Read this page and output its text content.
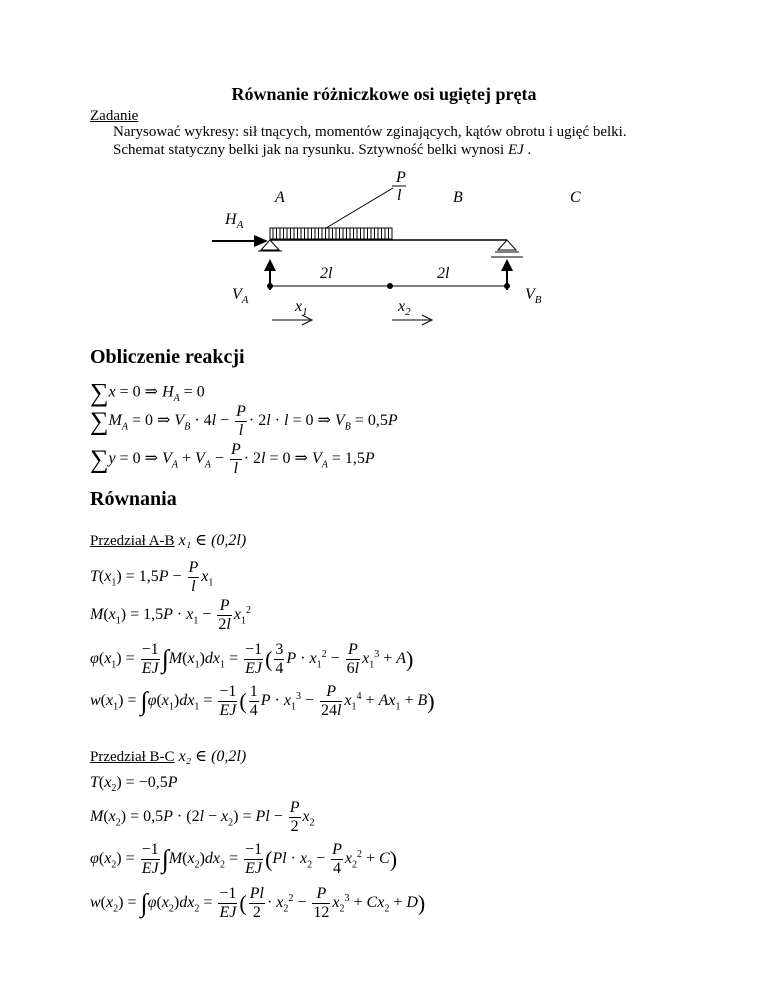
Równanie różniczkowe osi ugiętej pręta
Zadanie
Narysować wykresy: sił tnących, momentów zginających, kątów obrotu i ugięć belki.
Schemat statyczny belki jak na rysunku. Sztywność belki wynosi EJ .
P
l
A	B	C
$H_A$
2l	2l
$V_A$	$V_B$
$x_1$	$x_2$
Obliczenie reakcji
∑x = 0 ⇒ $H_A = 0$
$\sum M_A = 0$ ⇒ $V_B \cdot 4l - \frac{P}{l} \cdot 2l \cdot l = 0$ ⇒ $V_B = 0,5P$
∑y = 0 ⇒ $V_A + V_A - \frac{P}{l} \cdot 2l = 0$ ⇒ $V_A = 1,5P$
Równania
Przedział A-B x₁ ∈ (0,2l)
$T(x_1) = 1,5P - \frac{P}{l} x_1$
$M(x_1) = 1,5P \cdot x_1 - \frac{P}{2l} x_1^2$
$\varphi(x_1) = \frac{-1}{EJ} \int M(x_1)dx_1 = \frac{-1}{EJ}$ ( $\frac{3}{4}$ $P \cdot x_1^2 - \frac{P}{6l} x_1^3 + A$)
$w(x_1) = \int\varphi(x_1)dx_1 = \frac{-1}{EJ}$ ( $\frac{1}{4}$ $P \cdot x_1^3 - \frac{P}{24l} x_1^4 + Ax_1 + B$)
Przedział B-C x₂ ∈ (0,2l)
$T(x_2) = -0,5P$
$M(x_2) = 0,5P \cdot (2l - x_2) = Pl - \frac{P}{2} x_2$
$\varphi(x_2) = \frac{-1}{EJ} \int M(x_2)dx_2 = \frac{-1}{EJ} (Pl \cdot x_2 - \frac{P}{4} x_2^2 + C)$
$w(x_2) = \int\varphi(x_2)dx_2 = \frac{-1}{EJ}$ ( $\frac{Pl}{2} \cdot x_2^2 - \frac{P}{12} x_2^3 + Cx_2 + D$)
